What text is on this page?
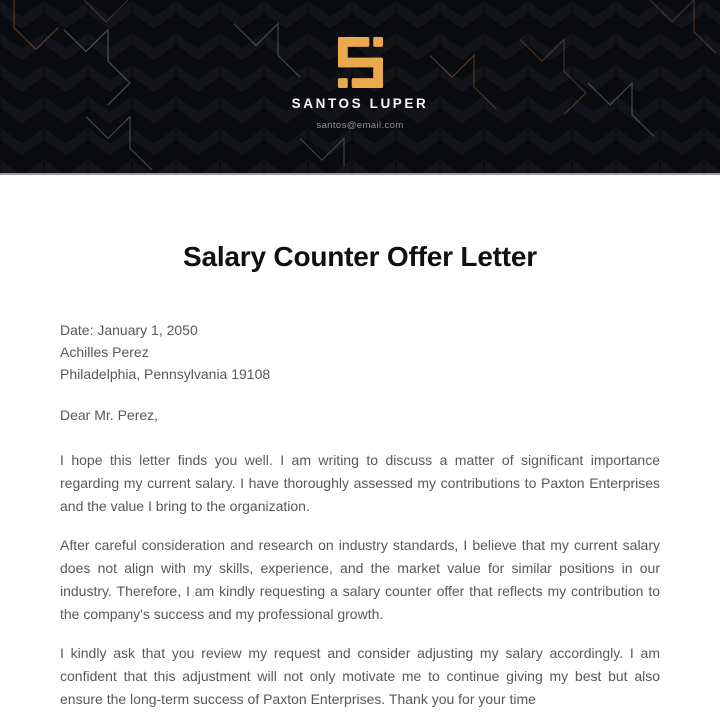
SANTOS LUPER
santos@email.com
Salary Counter Offer Letter
Date: January 1, 2050
Achilles Perez
Philadelphia, Pennsylvania 19108

Dear Mr. Perez,

I hope this letter finds you well. I am writing to discuss a matter of significant importance regarding my current salary. I have thoroughly assessed my contributions to Paxton Enterprises and the value I bring to the organization.

After careful consideration and research on industry standards, I believe that my current salary does not align with my skills, experience, and the market value for similar positions in our industry. Therefore, I am kindly requesting a salary counter offer that reflects my contribution to the company's success and my professional growth.

I kindly ask that you review my request and consider adjusting my salary accordingly. I am confident that this adjustment will not only motivate me to continue giving my best but also ensure the long-term success of Paxton Enterprises. Thank you for your time
